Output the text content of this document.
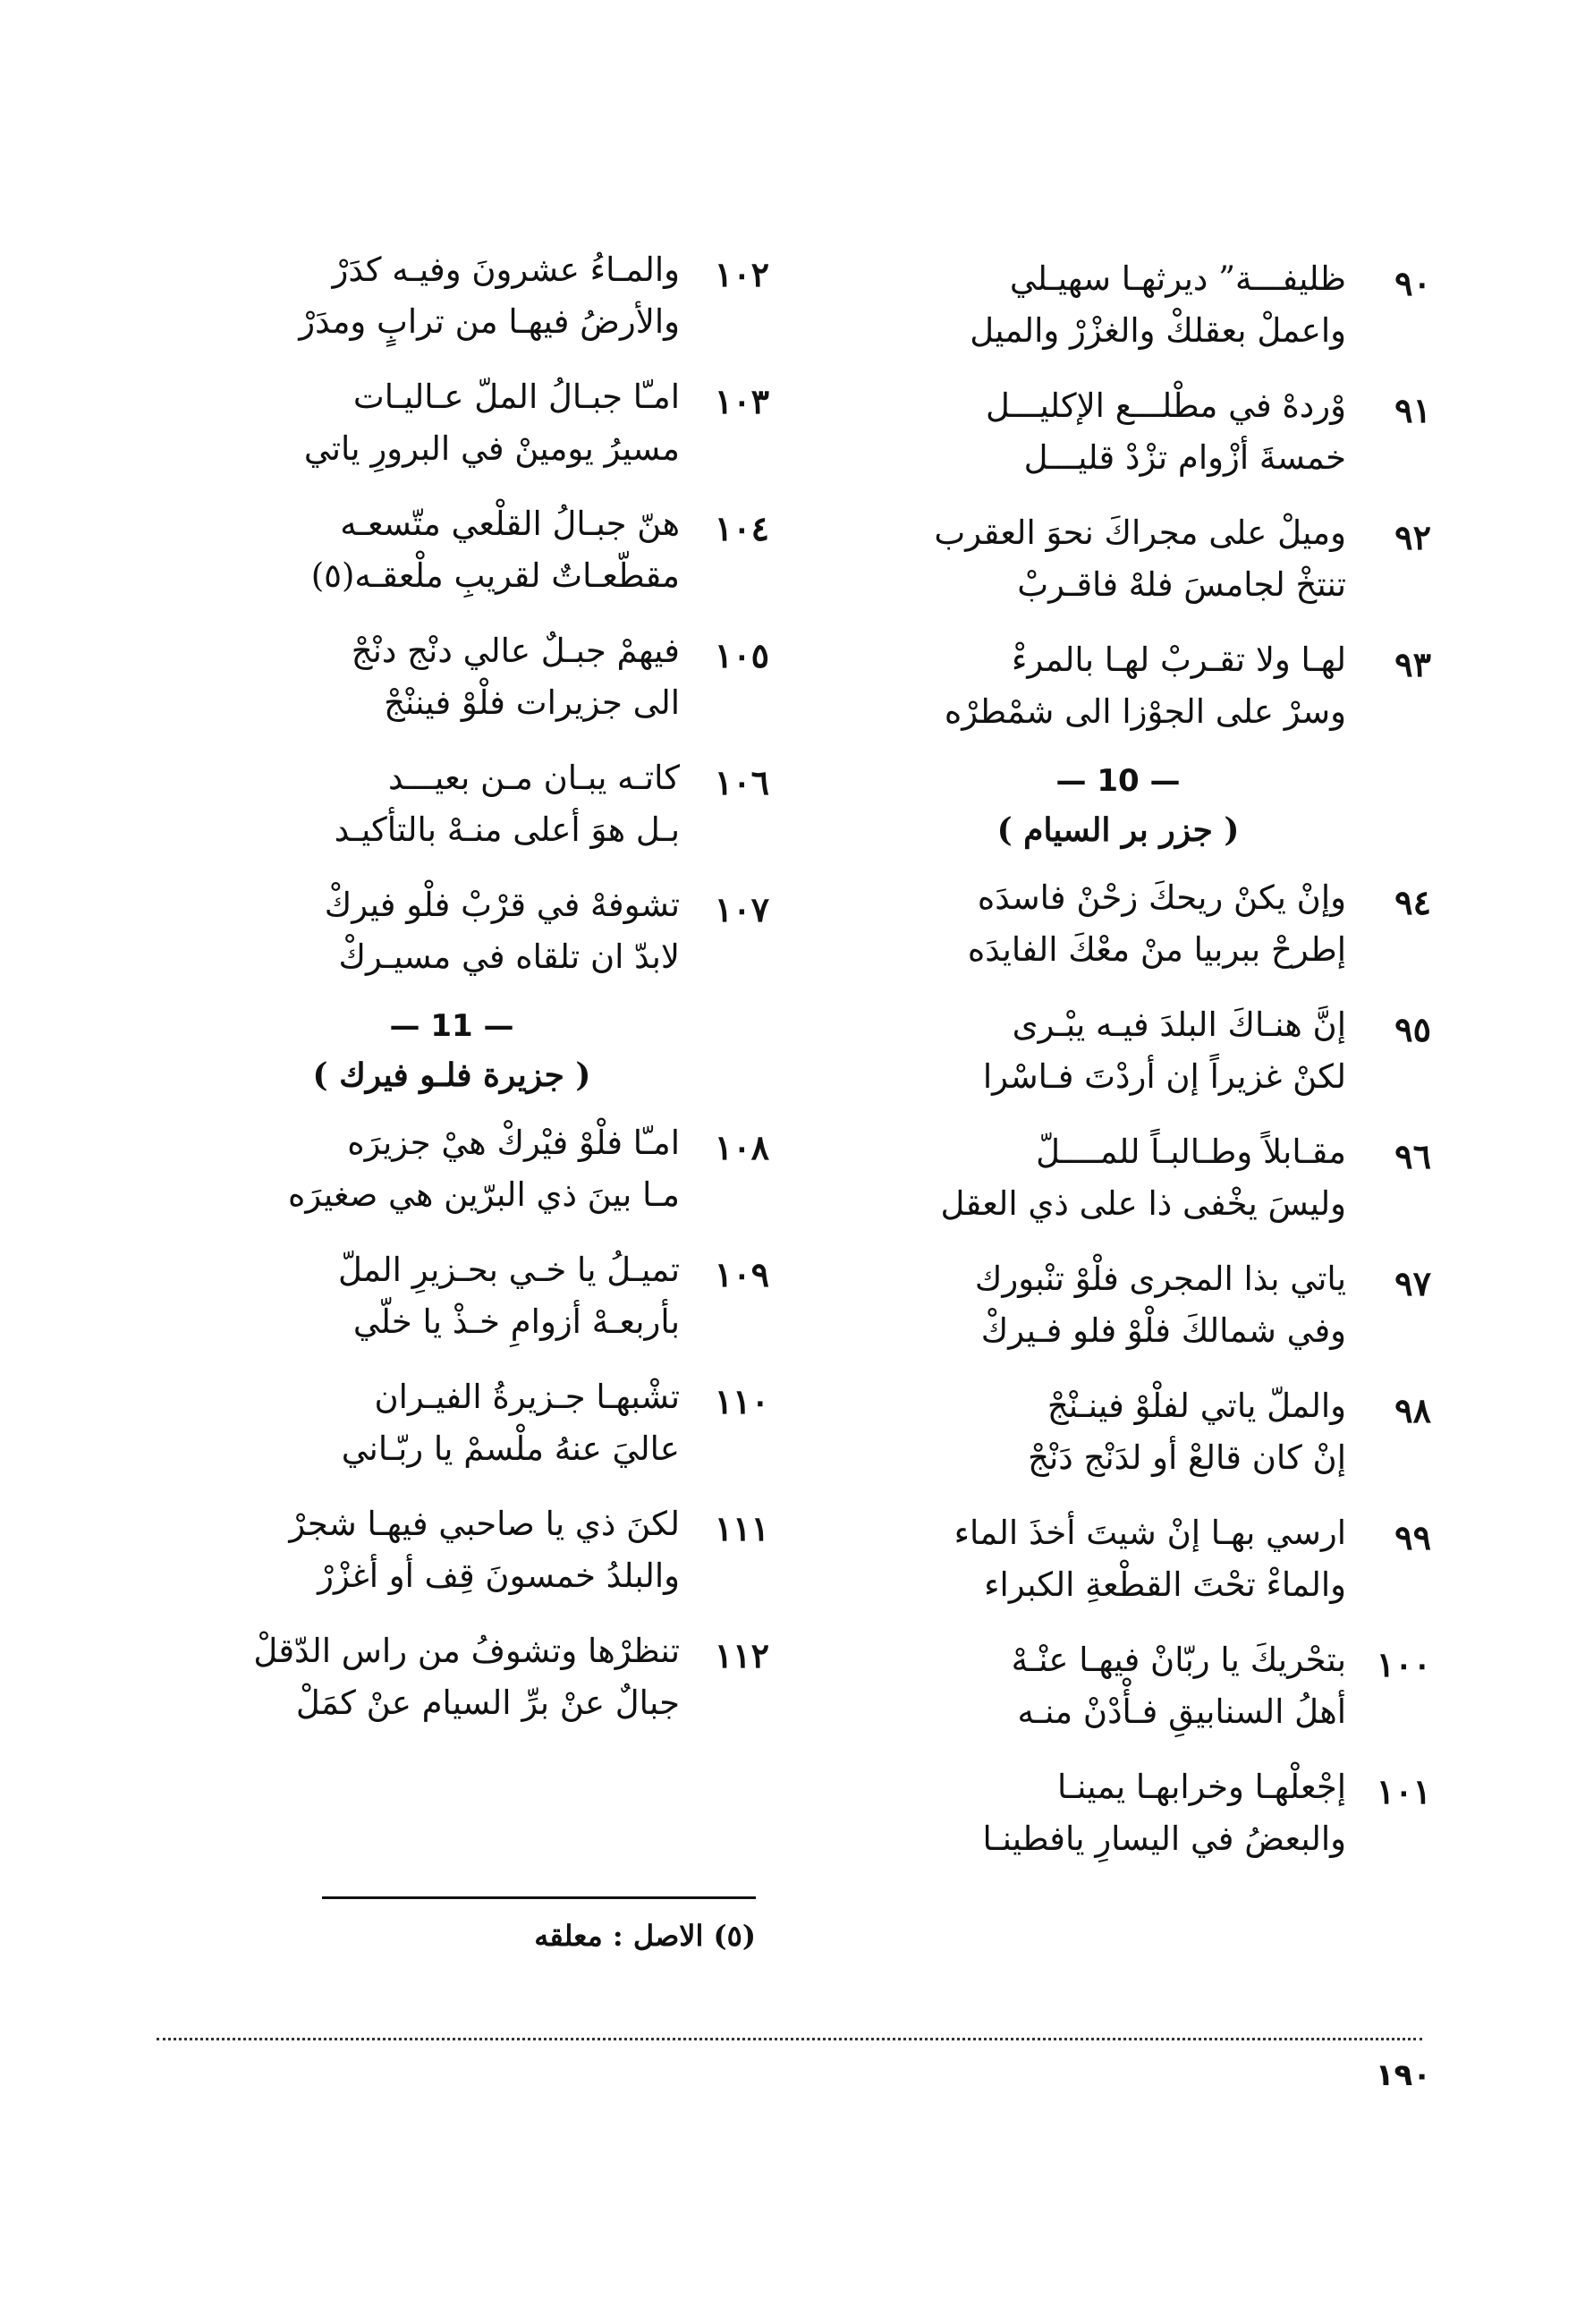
٩٠
ظليفـــة” ديرثهـا سهيـلي
واعملْ بعقلكْ والغزْرْ والميل
٩١
وْردهْ في مطْلـــع الإكليـــل
خمسةَ أزْوام تزْدْ قليـــل
٩٢
وميلْ على مجراكَ نحوَ العقرب
تنتخْ لجامسَ فلهْ فاقـربْ
٩٣
لهـا ولا تقـربْ لهـا بالمرءْ
وسرْ على الجوْزا الى شمْطرْه
— 10 —
( جزر بر السيام )
٩٤
وإنْ يكنْ ريحكَ زحْنْ فاسدَه
إطرحْ ببربيا منْ معْكَ الفايدَه
٩٥
إنَّ هنـاكَ البلدَ فيـه يبْـرى
لكنْ غزيراً إن أردْتَ فـاسْرا
٩٦
مقـابلاً وطـالبـاً للمــــلّ
وليسَ يخْفى ذا على ذي العقل
٩٧
ياتي بذا المجرى فلْوْ تنْبورك
وفي شمالكَ فلْوْ فلو فـيركْ
٩٨
والملّ ياتي لفلْوْ فينـنْجْ
إنْ كان قالعْ أو لدَنْج دَنْجْ
٩٩
ارسي بهـا إنْ شيتَ أخذَ الماء
والماءْ تحْتَ القطْعةِ الكبراء
١٠٠
بتحْريكَ يا ربّانْ فيهـا عنْـهْ
أهلُ السنابيقِ فـأْدْنْ منـه
١٠١
إجْعلْهـا وخرابهـا يمينـا
والبعضُ في اليسارِ يافطينـا
١٠٢
والمـاءُ عشرونَ وفيـه كدَرْ
والأرضُ فيهـا من ترابٍ ومدَرْ
١٠٣
امـّا جبـالُ الملّ عـاليـات
مسيرُ يومينْ في البرورِ ياتي
١٠٤
هنّ جبـالُ القلْعي متّسعـه
مقطّعـاتٌ لقريبِ ملْعقـه(٥)
١٠٥
فيهمْ جبـلٌ عالي دنْج دنْجْ
الى جزيرات فلْوْ فيننْجْ
١٠٦
كاتـه يبـان مـن بعيـــد
بـل هوَ أعلى منـهْ بالتأكيـد
١٠٧
تشوفهْ في قرْبْ فلْو فيركْ
لابدّ ان تلقاه في مسيـركْ
— 11 —
( جزيرة فلـو فيرك )
١٠٨
امـّا فلْوْ فيْركْ هيْ جزيرَه
مـا بينَ ذي البرّين هي صغيرَه
١٠٩
تميـلُ يا خـي بحـزيرِ الملّ
بأربعـهْ أزوامِ خـذْ يا خلّي
١١٠
تشْبهـا جـزيرةُ الفيـران
عاليَ عنهُ ملْسمْ يا ربّـاني
١١١
لكنَ ذي يا صاحبي فيهـا شجرْ
والبلدُ خمسونَ قِف أو أغزْرْ
١١٢
تنظرْها وتشوفُ من راس الدّقلْ
جبالٌ عنْ برِّ السيام عنْ كمَلْ
(٥) الاصل : معلقه
١٩٠
